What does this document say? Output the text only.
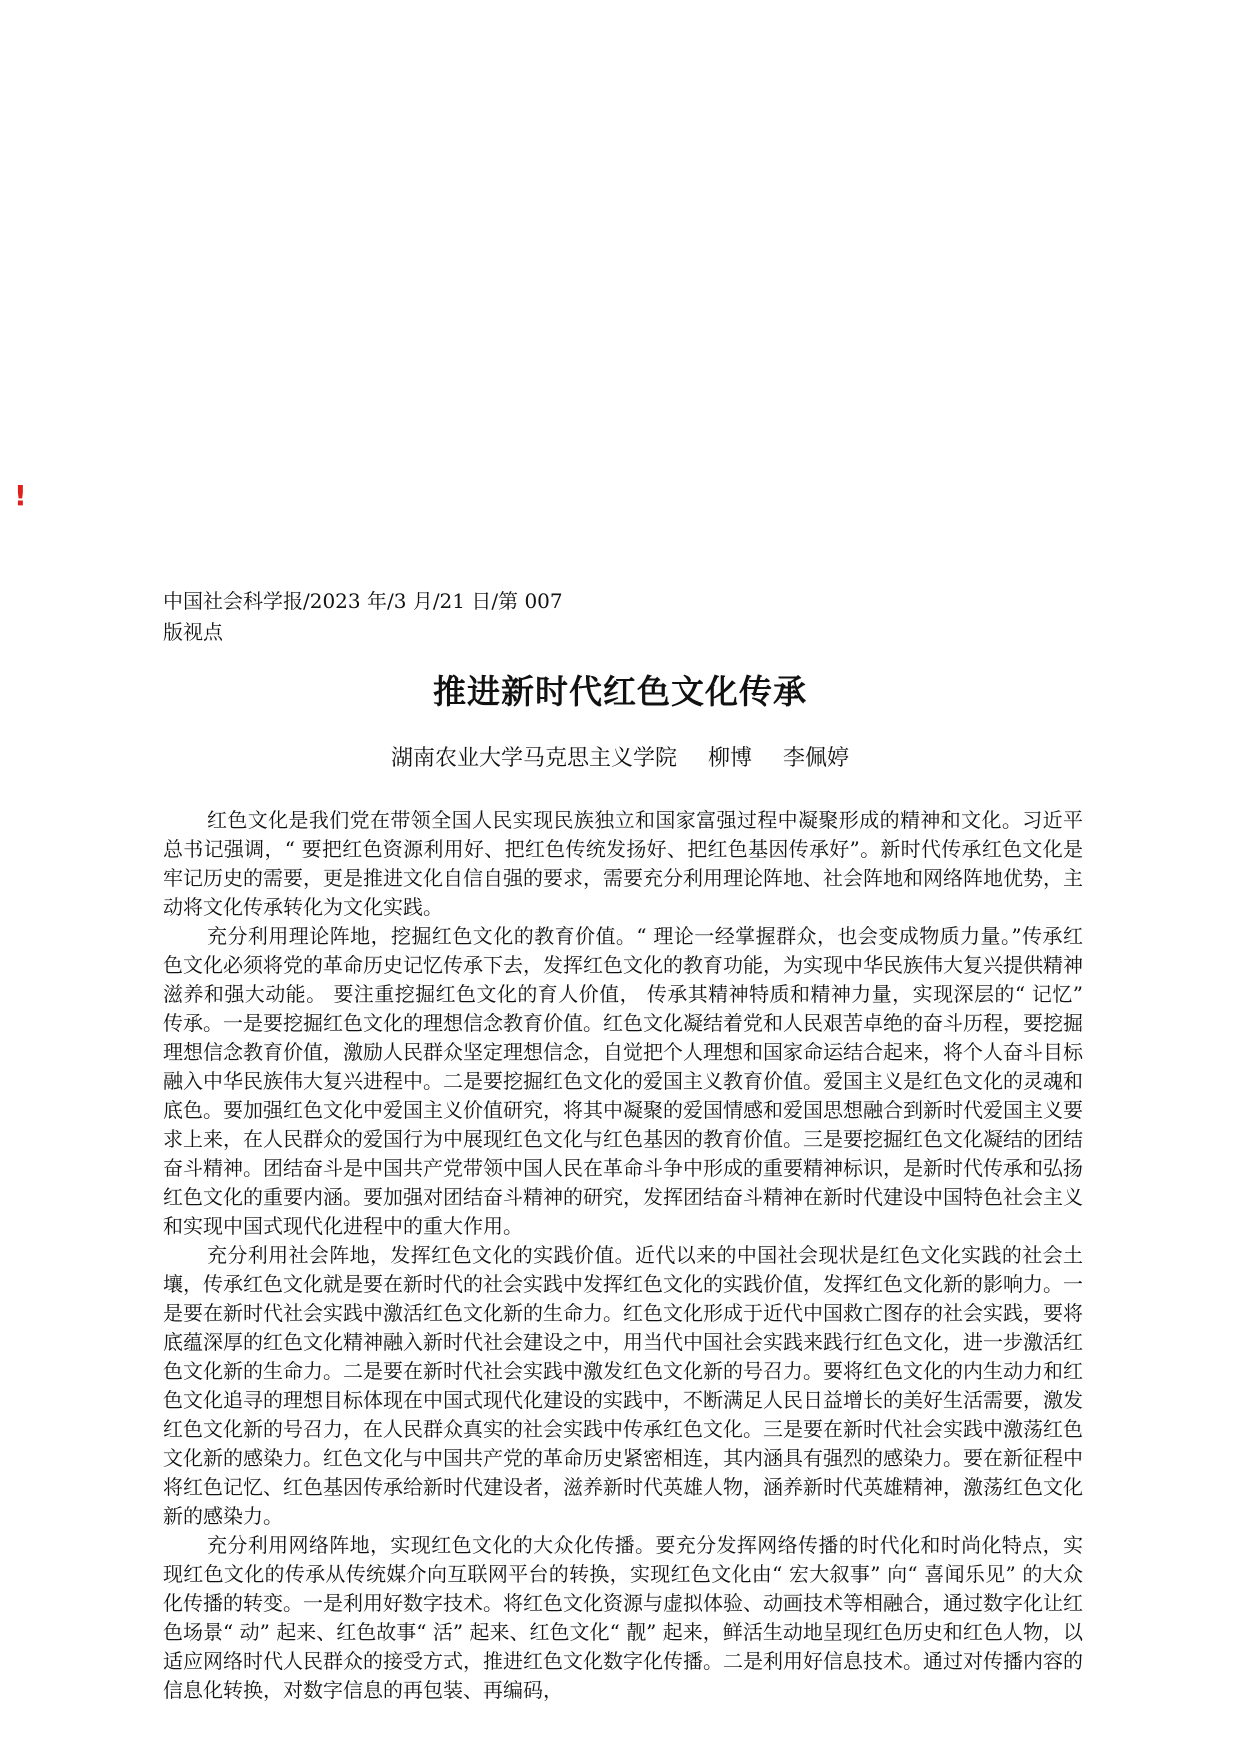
!
中国社会科学报/2023 年/3 月/21 日/第 007
版视点
推进新时代红色文化传承
湖南农业大学马克思主义学院 柳博 李佩婷

红色文化是我们党在带领全国人民实现民族独立和国家富强过程中凝聚形成的精神和文化。习近平总书记强调，“ 要把红色资源利用好、把红色传统发扬好、把红色基因传承好”。新时代传承红色文化是牢记历史的需要，更是推进文化自信自强的要求，需要充分利用理论阵地、社会阵地和网络阵地优势，主动将文化传承转化为文化实践。

充分利用理论阵地，挖掘红色文化的教育价值。“ 理论一经掌握群众，也会变成物质力量。”传承红色文化必须将党的革命历史记忆传承下去，发挥红色文化的教育功能，为实现中华民族伟大复兴提供精神滋养和强大动能。 要注重挖掘红色文化的育人价值， 传承其精神特质和精神力量，实现深层的“ 记忆” 传承。一是要挖掘红色文化的理想信念教育价值。红色文化凝结着党和人民艰苦卓绝的奋斗历程，要挖掘理想信念教育价值，激励人民群众坚定理想信念，自觉把个人理想和国家命运结合起来，将个人奋斗目标融入中华民族伟大复兴进程中。二是要挖掘红色文化的爱国主义教育价值。爱国主义是红色文化的灵魂和底色。要加强红色文化中爱国主义价值研究，将其中凝聚的爱国情感和爱国思想融合到新时代爱国主义要求上来，在人民群众的爱国行为中展现红色文化与红色基因的教育价值。三是要挖掘红色文化凝结的团结奋斗精神。团结奋斗是中国共产党带领中国人民在革命斗争中形成的重要精神标识，是新时代传承和弘扬红色文化的重要内涵。要加强对团结奋斗精神的研究，发挥团结奋斗精神在新时代建设中国特色社会主义和实现中国式现代化进程中的重大作用。

充分利用社会阵地，发挥红色文化的实践价值。近代以来的中国社会现状是红色文化实践的社会土壤，传承红色文化就是要在新时代的社会实践中发挥红色文化的实践价值，发挥红色文化新的影响力。一是要在新时代社会实践中激活红色文化新的生命力。红色文化形成于近代中国救亡图存的社会实践，要将底蕴深厚的红色文化精神融入新时代社会建设之中，用当代中国社会实践来践行红色文化，进一步激活红色文化新的生命力。二是要在新时代社会实践中激发红色文化新的号召力。要将红色文化的内生动力和红色文化追寻的理想目标体现在中国式现代化建设的实践中，不断满足人民日益增长的美好生活需要，激发红色文化新的号召力，在人民群众真实的社会实践中传承红色文化。三是要在新时代社会实践中激荡红色文化新的感染力。红色文化与中国共产党的革命历史紧密相连，其内涵具有强烈的感染力。要在新征程中将红色记忆、红色基因传承给新时代建设者，滋养新时代英雄人物，涵养新时代英雄精神，激荡红色文化新的感染力。

充分利用网络阵地，实现红色文化的大众化传播。要充分发挥网络传播的时代化和时尚化特点，实现红色文化的传承从传统媒介向互联网平台的转换，实现红色文化由“ 宏大叙事” 向“ 喜闻乐见” 的大众化传播的转变。一是利用好数字技术。将红色文化资源与虚拟体验、动画技术等相融合，通过数字化让红色场景“ 动” 起来、红色故事“ 活” 起来、红色文化“ 靓” 起来，鲜活生动地呈现红色历史和红色人物，以适应网络时代人民群众的接受方式，推进红色文化数字化传播。二是利用好信息技术。通过对传播内容的信息化转换，对数字信息的再包装、再编码，
